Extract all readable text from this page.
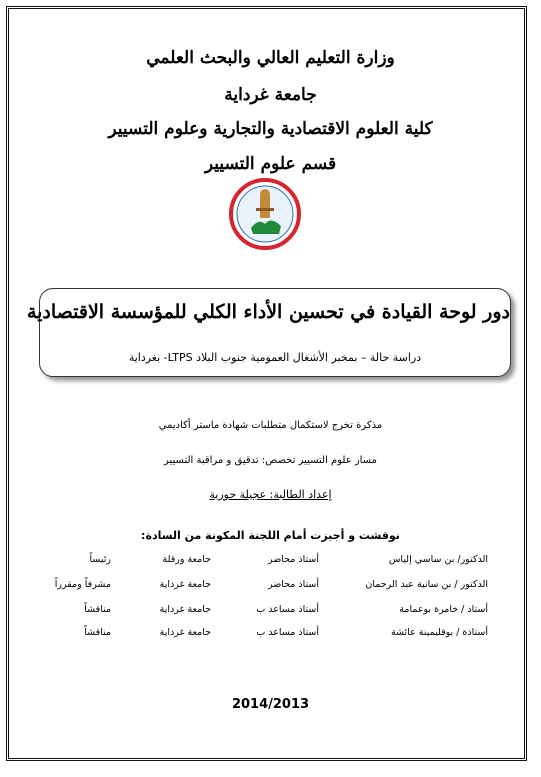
وزارة التعليم العالي والبحث العلمي
جامعة غرداية
كلية العلوم الاقتصادية والتجارية وعلوم التسيير
قسم علوم التسيير
دور لوحة القيادة في تحسين الأداء الكلي للمؤسسة الاقتصادية
دراسة حالة – بمخبر الأشغال العمومية جنوب البلاد LTPS- بغرداية
مذكرة تخرج لاستكمال متطلبات شهادة ماستر أكاديمي
مسار علوم التسيير تخصص: تدقيق و مراقبة التسيير
إعداد الطالبة: عجيلة حورية
نوقشت و أجيزت أمام اللجنة المكونة من السادة:
الدكتور/ بن ساسي إلياس
أستاذ محاضر
جامعة ورقلة
رئيساً
الدكتور / بن سانية عبد الرحمان
أستاذ محاضر
جامعة غرداية
مشرفاً ومقرراً
أستاذ / خامرة بوعمامة
أستاذ مساعد ب
جامعة غرداية
مناقشاً
أستاذة / بوقليمينة عائشة
أستاذ مساعد ب
جامعة غرداية
مناقشاً
2014/2013
